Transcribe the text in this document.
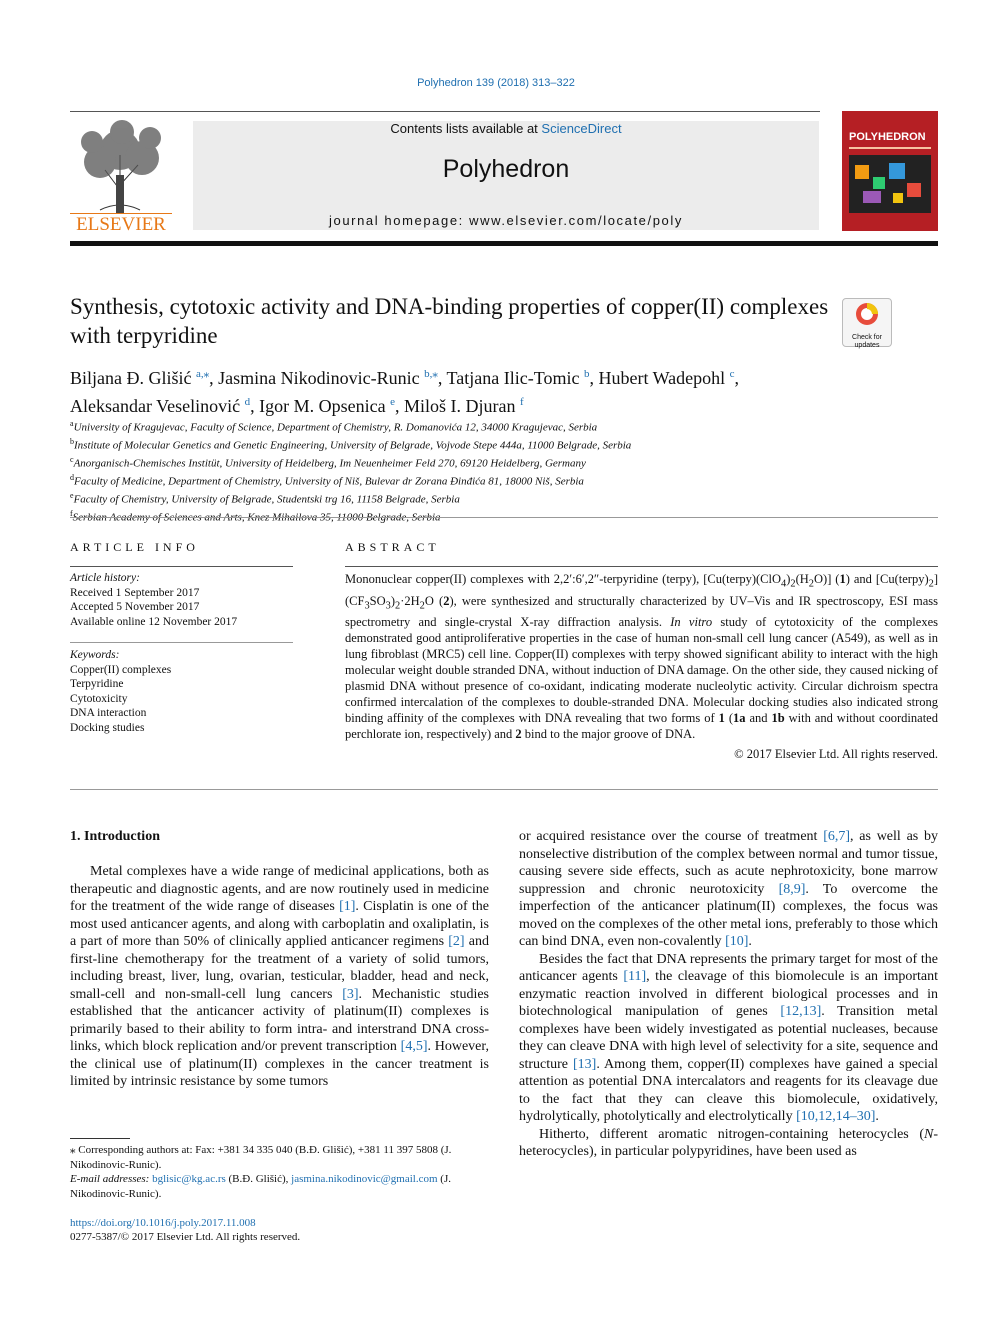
Polyhedron 139 (2018) 313–322
ELSEVIER
Contents lists available at ScienceDirect
Polyhedron
journal homepage: www.elsevier.com/locate/poly
POLYHEDRON
Synthesis, cytotoxic activity and DNA-binding properties of copper(II) complexes with terpyridine	Check for updates
Biljana Đ. Glišić $^{a,⁎}$, Jasmina Nikodinovic-Runic $^{b,⁎}$, Tatjana Ilic-Tomic $^b$, Hubert Wadepohl $^c$,
Aleksandar Veselinović $^d$, Igor M. Opsenica $^e$, Miloš I. Djuran $^f$
$^a$University of Kragujevac, Faculty of Science, Department of Chemistry, R. Domanovića 12, 34000 Kragujevac, Serbia
$^b$Institute of Molecular Genetics and Genetic Engineering, University of Belgrade, Vojvode Stepe 444a, 11000 Belgrade, Serbia
$^c$Anorganisch-Chemisches Institüt, University of Heidelberg, Im Neuenheimer Feld 270, 69120 Heidelberg, Germany
$^d$Faculty of Medicine, Department of Chemistry, University of Niš, Bulevar dr Zorana Đinđića 81, 18000 Niš, Serbia
$^e$Faculty of Chemistry, University of Belgrade, Studentski trg 16, 11158 Belgrade, Serbia
$^f$Serbian Academy of Sciences and Arts, Knez Mihailova 35, 11000 Belgrade, Serbia
ARTICLE INFO	ABSTRACT
Article history:
Received 1 September 2017
Accepted 5 November 2017
Available online 12 November 2017
Keywords:
Copper(II) complexes
Terpyridine
Cytotoxicity
DNA interaction
Docking studies
Mononuclear copper(II) complexes with 2,2′:6′,2″-terpyridine (terpy), $[Cu(terpy)(ClO_4)_2(H_2O)]$ (1) and $[Cu(terpy)_2](CF_3SO_3)_2\cdot 2H_2O$ (2), were synthesized and structurally characterized by UV–Vis and IR spectroscopy, ESI mass spectrometry and single-crystal X-ray diffraction analysis. In vitro study of cytotoxicity of the complexes demonstrated good antiproliferative properties in the case of human non-small cell lung cancer (A549), as well as in lung fibroblast (MRC5) cell line. Copper(II) complexes with terpy showed significant ability to interact with the high molecular weight double stranded DNA, without induction of DNA damage. On the other side, they caused nicking of plasmid DNA without presence of co-oxidant, indicating moderate nucleolytic activity. Circular dichroism spectra confirmed intercalation of the complexes to double-stranded DNA. Molecular docking studies also indicated strong binding affinity of the complexes with DNA revealing that two forms of 1 (1a and 1b with and without coordinated perchlorate ion, respectively) and 2 bind to the major groove of DNA.
© 2017 Elsevier Ltd. All rights reserved.
1. Introduction

Metal complexes have a wide range of medicinal applications, both as therapeutic and diagnostic agents, and are now routinely used in medicine for the treatment of the wide range of diseases [1]. Cisplatin is one of the most used anticancer agents, and along with carboplatin and oxaliplatin, is a part of more than 50% of clinically applied anticancer regimens [2] and first-line chemotherapy for the treatment of a variety of solid tumors, including breast, liver, lung, ovarian, testicular, bladder, head and neck, small-cell and non-small-cell lung cancers [3]. Mechanistic studies established that the anticancer activity of platinum(II) complexes is primarily based to their ability to form intra- and interstrand DNA cross-links, which block replication and/or prevent transcription [4,5]. However, the clinical use of platinum(II) complexes in the cancer treatment is limited by intrinsic resistance by some tumors

or acquired resistance over the course of treatment [6,7], as well as by nonselective distribution of the complex between normal and tumor tissue, causing severe side effects, such as acute nephrotoxicity, bone marrow suppression and chronic neurotoxicity [8,9]. To overcome the imperfection of the anticancer platinum(II) complexes, the focus was moved on the complexes of the other metal ions, preferably to those which can bind DNA, even non-covalently [10].

Besides the fact that DNA represents the primary target for most of the anticancer agents [11], the cleavage of this biomolecule is an important enzymatic reaction involved in different biological processes and in biotechnological manipulation of genes [12,13]. Transition metal complexes have been widely investigated as potential nucleases, because they can cleave DNA with high level of selectivity for a site, sequence and structure [13]. Among them, copper(II) complexes have gained a special attention as potential DNA intercalators and reagents for its cleavage due to the fact that they can cleave this biomolecule, oxidatively, hydrolytically, photolytically and electrolytically [10,12,14–30].

Hitherto, different aromatic nitrogen-containing heterocycles (N-heterocycles), in particular polypyridines, have been used as

⁎ Corresponding authors at: Fax: +381 34 335 040 (B.Đ. Glišić), +381 11 397 5808 (J. Nikodinovic-Runic).
E-mail addresses: bglisic@kg.ac.rs (B.Đ. Glišić), jasmina.nikodinovic@gmail.com (J. Nikodinovic-Runic).
https://doi.org/10.1016/j.poly.2017.11.008
0277-5387/© 2017 Elsevier Ltd. All rights reserved.
